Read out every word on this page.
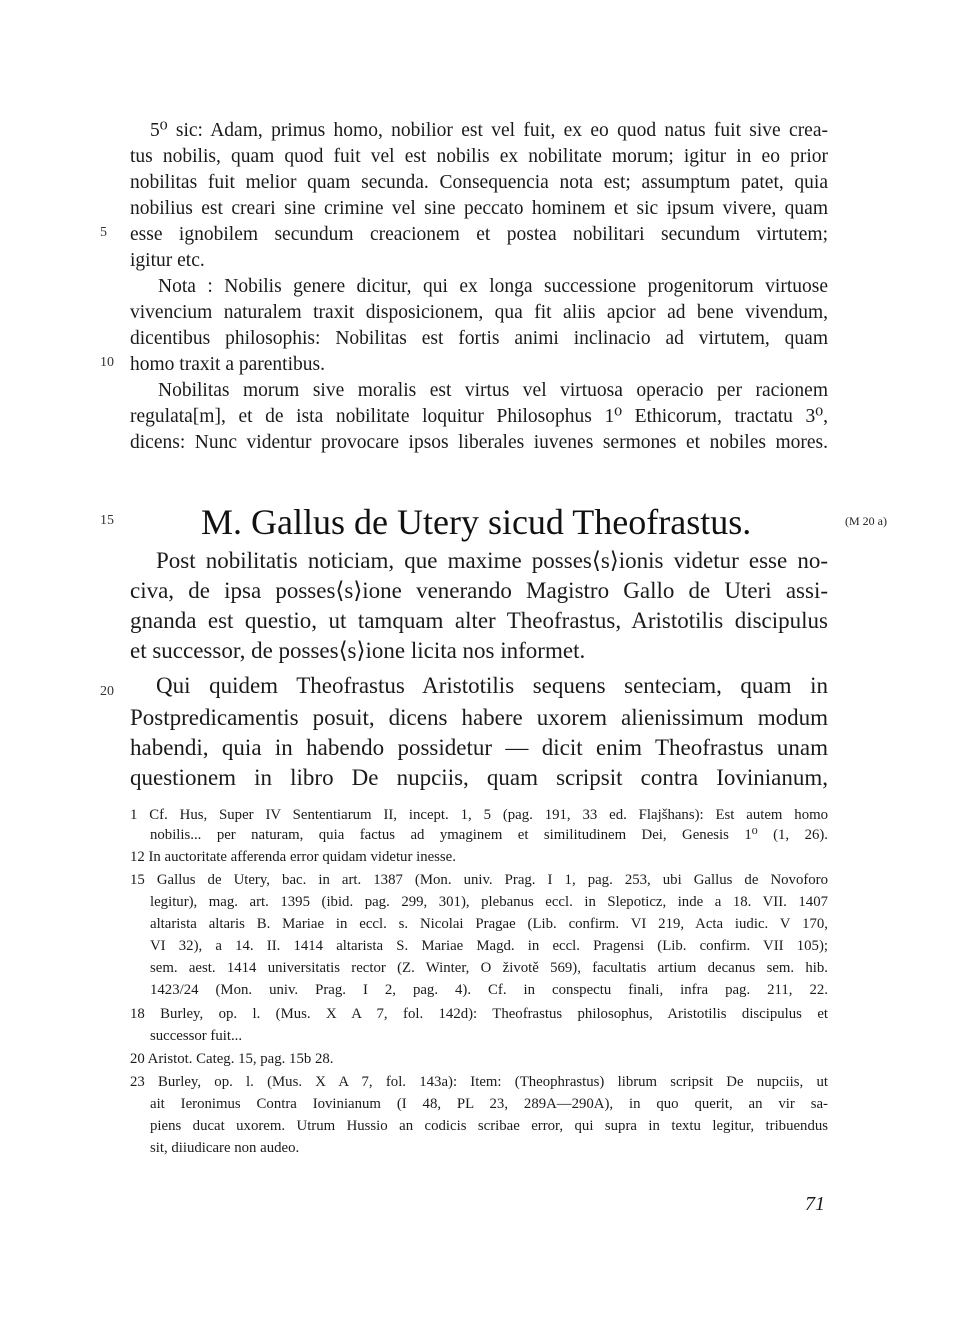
5⁰ sic: Adam, primus homo, nobilior est vel fuit, ex eo quod natus fuit sive crea-
tus nobilis, quam quod fuit vel est nobilis ex nobilitate morum; igitur in eo prior
nobilitas fuit melior quam secunda. Consequencia nota est; assumptum patet, quia
nobilius est creari sine crimine vel sine peccato hominem et sic ipsum vivere, quam
esse ignobilem secundum creacionem et postea nobilitari secundum virtutem;
igitur etc.
Nota : Nobilis genere dicitur, qui ex longa successione progenitorum virtuose
vivencium naturalem traxit disposicionem, qua fit aliis apcior ad bene vivendum,
dicentibus philosophis: Nobilitas est fortis animi inclinacio ad virtutem, quam
homo traxit a parentibus.
Nobilitas morum sive moralis est virtus vel virtuosa operacio per racionem
regulata[m], et de ista nobilitate loquitur Philosophus 1⁰ Ethicorum, tractatu 3⁰,
dicens: Nunc videntur provocare ipsos liberales iuvenes sermones et nobiles mores.
5
10
15
20
M. Gallus de Utery sicud Theofrastus.	(M 20 a)
Post nobilitatis noticiam, que maxime posses⟨s⟩ionis videtur esse no-
civa, de ipsa posses⟨s⟩ione venerando Magistro Gallo de Uteri assi-
gnanda est questio, ut tamquam alter Theofrastus, Aristotilis discipulus
et successor, de posses⟨s⟩ione licita nos informet.
Qui quidem Theofrastus Aristotilis sequens senteciam, quam in
Postpredicamentis posuit, dicens habere uxorem alienissimum modum
habendi, quia in habendo possidetur — dicit enim Theofrastus unam
questionem in libro De nupciis, quam scripsit contra Iovinianum,
1 Cf. Hus, Super IV Sententiarum II, incept. 1, 5 (pag. 191, 33 ed. Flajšhans): Est autem homo
nobilis... per naturam, quia factus ad ymaginem et similitudinem Dei, Genesis 1⁰ (1, 26).
12 In auctoritate afferenda error quidam videtur inesse.
15 Gallus de Utery, bac. in art. 1387 (Mon. univ. Prag. I 1, pag. 253, ubi Gallus de Novoforo
legitur), mag. art. 1395 (ibid. pag. 299, 301), plebanus eccl. in Slepoticz, inde a 18. VII. 1407
altarista altaris B. Mariae in eccl. s. Nicolai Pragae (Lib. confirm. VI 219, Acta iudic. V 170,
VI 32), a 14. II. 1414 altarista S. Mariae Magd. in eccl. Pragensi (Lib. confirm. VII 105);
sem. aest. 1414 universitatis rector (Z. Winter, O životě 569), facultatis artium decanus sem. hib.
1423/24 (Mon. univ. Prag. I 2, pag. 4). Cf. in conspectu finali, infra pag. 211, 22.
18 Burley, op. l. (Mus. X A 7, fol. 142d): Theofrastus philosophus, Aristotilis discipulus et
successor fuit...
20 Aristot. Categ. 15, pag. 15b 28.
23 Burley, op. l. (Mus. X A 7, fol. 143a): Item: (Theophrastus) librum scripsit De nupciis, ut
ait Ieronimus Contra Iovinianum (I 48, PL 23, 289A—290A), in quo querit, an vir sa-
piens ducat uxorem. Utrum Hussio an codicis scribae error, qui supra in textu legitur, tribuendus
sit, diiudicare non audeo.
71
